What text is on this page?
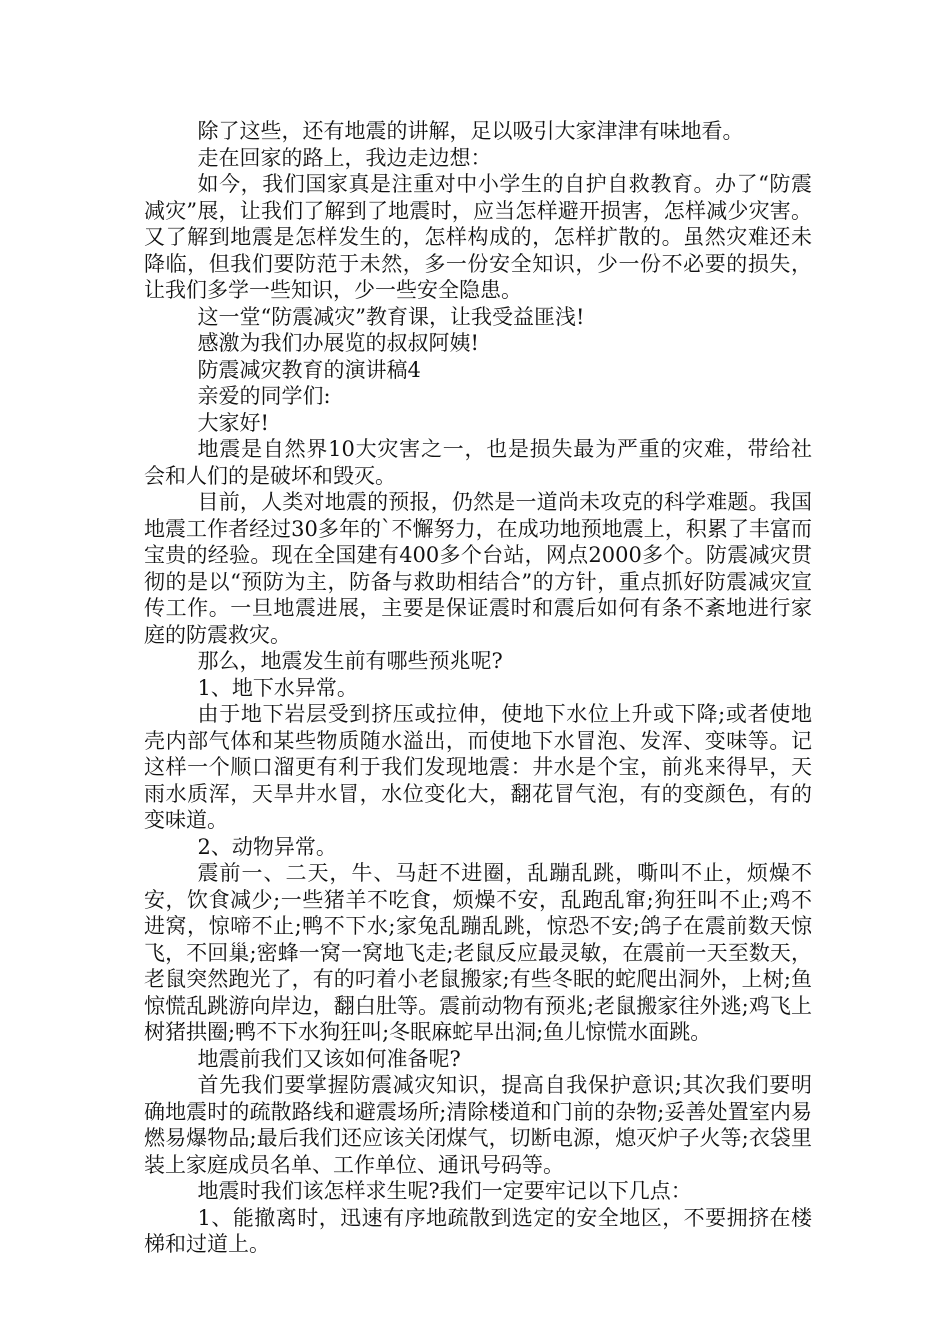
除了这些，还有地震的讲解，足以吸引大家津津有味地看。

走在回家的路上，我边走边想：

如今，我们国家真是注重对中小学生的自护自救教育。办了“防震减灾”展，让我们了解到了地震时，应当怎样避开损害，怎样减少灾害。又了解到地震是怎样发生的，怎样构成的，怎样扩散的。虽然灾难还未降临，但我们要防范于未然，多一份安全知识，少一份不必要的损失，让我们多学一些知识，少一些安全隐患。

这一堂“防震减灾”教育课，让我受益匪浅!

感激为我们办展览的叔叔阿姨!

防震减灾教育的演讲稿4

亲爱的同学们:

大家好!

地震是自然界10大灾害之一，也是损失最为严重的灾难，带给社会和人们的是破坏和毁灭。

目前，人类对地震的预报，仍然是一道尚未攻克的科学难题。我国地震工作者经过30多年的`不懈努力，在成功地预地震上，积累了丰富而宝贵的经验。现在全国建有400多个台站，网点2000多个。防震减灾贯彻的是以“预防为主，防备与救助相结合”的方针，重点抓好防震减灾宣传工作。一旦地震进展，主要是保证震时和震后如何有条不紊地进行家庭的防震救灾。

那么，地震发生前有哪些预兆呢?

1、地下水异常。

由于地下岩层受到挤压或拉伸，使地下水位上升或下降;或者使地壳内部气体和某些物质随水溢出，而使地下水冒泡、发浑、变味等。记这样一个顺口溜更有利于我们发现地震：井水是个宝，前兆来得早，天雨水质浑，天旱井水冒，水位变化大，翻花冒气泡，有的变颜色，有的变味道。

2、动物异常。

震前一、二天，牛、马赶不进圈，乱蹦乱跳，嘶叫不止，烦燥不安，饮食减少;一些猪羊不吃食，烦燥不安，乱跑乱窜;狗狂叫不止;鸡不进窝，惊啼不止;鸭不下水;家兔乱蹦乱跳，惊恐不安;鸽子在震前数天惊飞，不回巢;密蜂一窝一窝地飞走;老鼠反应最灵敏，在震前一天至数天，老鼠突然跑光了，有的叼着小老鼠搬家;有些冬眠的蛇爬出洞外，上树;鱼惊慌乱跳游向岸边，翻白肚等。震前动物有预兆;老鼠搬家往外逃;鸡飞上树猪拱圈;鸭不下水狗狂叫;冬眠麻蛇早出洞;鱼儿惊慌水面跳。

地震前我们又该如何准备呢?

首先我们要掌握防震减灾知识，提高自我保护意识;其次我们要明确地震时的疏散路线和避震场所;清除楼道和门前的杂物;妥善处置室内易燃易爆物品;最后我们还应该关闭煤气，切断电源，熄灭炉子火等;衣袋里装上家庭成员名单、工作单位、通讯号码等。

地震时我们该怎样求生呢?我们一定要牢记以下几点：

1、能撤离时，迅速有序地疏散到选定的安全地区，不要拥挤在楼梯和过道上。
